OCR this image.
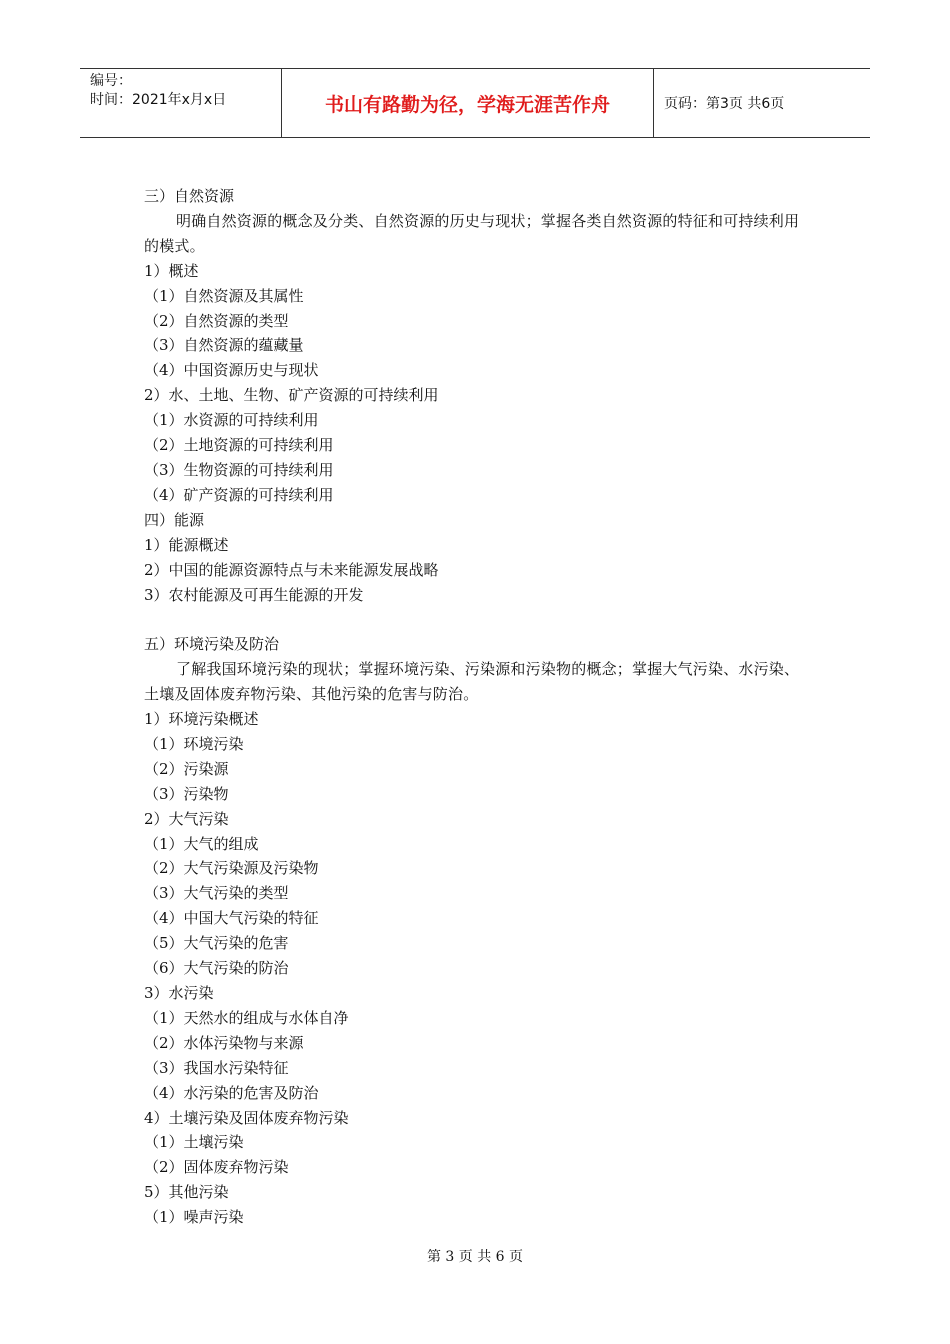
编号：
时间：2021年x月x日	书山有路勤为径，学海无涯苦作舟	页码：第3页 共6页
三）自然资源
明确自然资源的概念及分类、自然资源的历史与现状；掌握各类自然资源的特征和可持续利用的模式。
1）概述
（1）自然资源及其属性
（2）自然资源的类型
（3）自然资源的蕴藏量
（4）中国资源历史与现状
2）水、土地、生物、矿产资源的可持续利用
（1）水资源的可持续利用
（2）土地资源的可持续利用
（3）生物资源的可持续利用
（4）矿产资源的可持续利用
四）能源
1）能源概述
2）中国的能源资源特点与未来能源发展战略
3）农村能源及可再生能源的开发
五）环境污染及防治
了解我国环境污染的现状；掌握环境污染、污染源和污染物的概念；掌握大气污染、水污染、土壤及固体废弃物污染、其他污染的危害与防治。
1）环境污染概述
（1）环境污染
（2）污染源
（3）污染物
2）大气污染
（1）大气的组成
（2）大气污染源及污染物
（3）大气污染的类型
（4）中国大气污染的特征
（5）大气污染的危害
（6）大气污染的防治
3）水污染
（1）天然水的组成与水体自净
（2）水体污染物与来源
（3）我国水污染特征
（4）水污染的危害及防治
4）土壤污染及固体废弃物污染
（1）土壤污染
（2）固体废弃物污染
5）其他污染
（1）噪声污染
第 3 页 共 6 页
